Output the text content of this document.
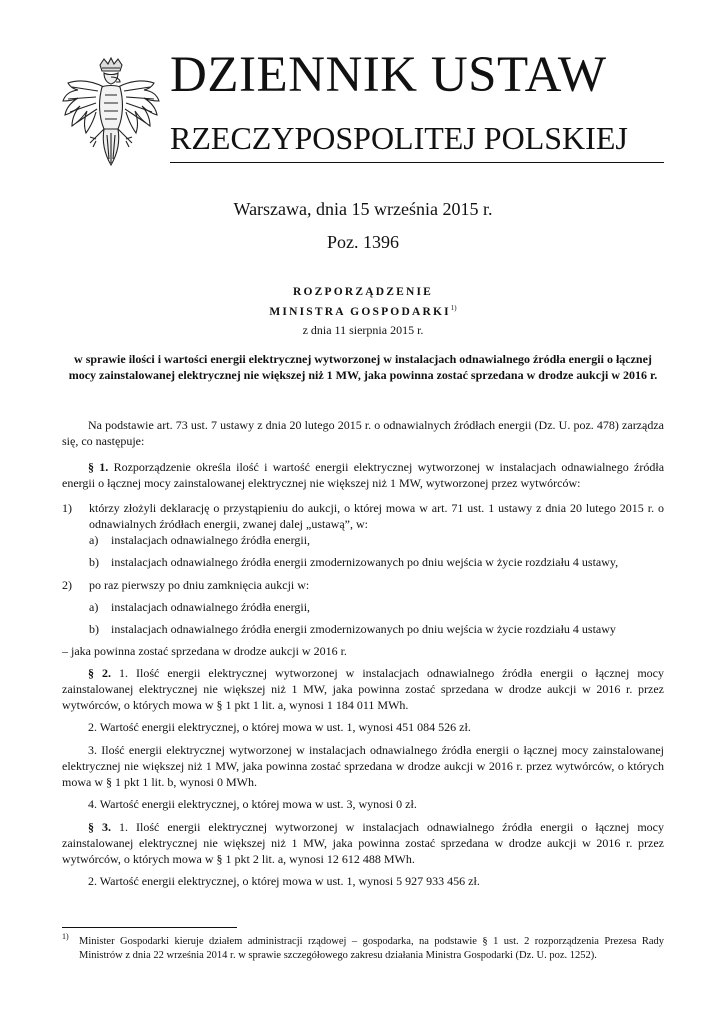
DZIENNIK USTAW
RZECZYPOSPOLITEJ POLSKIEJ
Warszawa, dnia 15 września 2015 r.
Poz. 1396
ROZPORZĄDZENIE
MINISTRA GOSPODARKI$^{1)}$
z dnia 11 sierpnia 2015 r.
w sprawie ilości i wartości energii elektrycznej wytworzonej w instalacjach odnawialnego źródła energii o łącznej mocy zainstalowanej elektrycznej nie większej niż 1 MW, jaka powinna zostać sprzedana w drodze aukcji w 2016 r.
Na podstawie art. 73 ust. 7 ustawy z dnia 20 lutego 2015 r. o odnawialnych źródłach energii (Dz. U. poz. 478) zarządza się, co następuje:
§ 1. Rozporządzenie określa ilość i wartość energii elektrycznej wytworzonej w instalacjach odnawialnego źródła energii o łącznej mocy zainstalowanej elektrycznej nie większej niż 1 MW, wytworzonej przez wytwórców:
1) którzy złożyli deklarację o przystąpieniu do aukcji, o której mowa w art. 71 ust. 1 ustawy z dnia 20 lutego 2015 r. o odnawialnych źródłach energii, zwanej dalej „ustawą”, w:
a) instalacjach odnawialnego źródła energii,
b) instalacjach odnawialnego źródła energii zmodernizowanych po dniu wejścia w życie rozdziału 4 ustawy,
2) po raz pierwszy po dniu zamknięcia aukcji w:
a) instalacjach odnawialnego źródła energii,
b) instalacjach odnawialnego źródła energii zmodernizowanych po dniu wejścia w życie rozdziału 4 ustawy
– jaka powinna zostać sprzedana w drodze aukcji w 2016 r.
§ 2. 1. Ilość energii elektrycznej wytworzonej w instalacjach odnawialnego źródła energii o łącznej mocy zainstalowanej elektrycznej nie większej niż 1 MW, jaka powinna zostać sprzedana w drodze aukcji w 2016 r. przez wytwórców, o których mowa w § 1 pkt 1 lit. a, wynosi 1 184 011 MWh.
2. Wartość energii elektrycznej, o której mowa w ust. 1, wynosi 451 084 526 zł.
3. Ilość energii elektrycznej wytworzonej w instalacjach odnawialnego źródła energii o łącznej mocy zainstalowanej elektrycznej nie większej niż 1 MW, jaka powinna zostać sprzedana w drodze aukcji w 2016 r. przez wytwórców, o których mowa w § 1 pkt 1 lit. b, wynosi 0 MWh.
4. Wartość energii elektrycznej, o której mowa w ust. 3, wynosi 0 zł.
§ 3. 1. Ilość energii elektrycznej wytworzonej w instalacjach odnawialnego źródła energii o łącznej mocy zainstalowanej elektrycznej nie większej niż 1 MW, jaka powinna zostać sprzedana w drodze aukcji w 2016 r. przez wytwórców, o których mowa w § 1 pkt 2 lit. a, wynosi 12 612 488 MWh.
2. Wartość energii elektrycznej, o której mowa w ust. 1, wynosi 5 927 933 456 zł.
1) Minister Gospodarki kieruje działem administracji rządowej – gospodarka, na podstawie § 1 ust. 2 rozporządzenia Prezesa Rady Ministrów z dnia 22 września 2014 r. w sprawie szczegółowego zakresu działania Ministra Gospodarki (Dz. U. poz. 1252).
